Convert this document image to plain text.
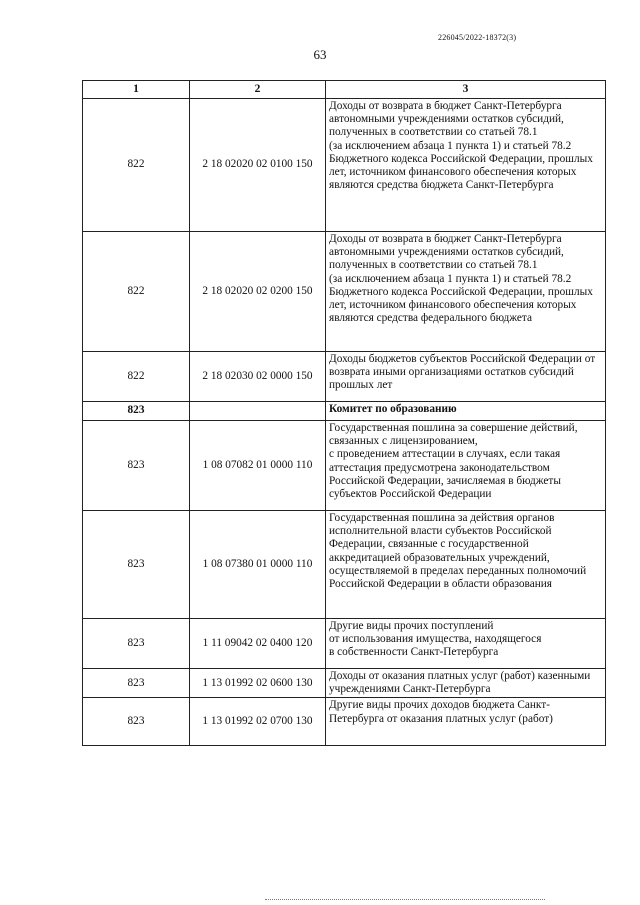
226045/2022-18372(3)
63
1	2	3
822	2 18 02020 02 0100 150	Доходы от возврата в бюджет Санкт-Петербурга автономными учреждениями остатков субсидий, полученных в соответствии со статьей 78.1
(за исключением абзаца 1 пункта 1) и статьей 78.2 Бюджетного кодекса Российской Федерации, прошлых лет, источником финансового обеспечения которых являются средства бюджета Санкт-Петербурга
822	2 18 02020 02 0200 150	Доходы от возврата в бюджет Санкт-Петербурга автономными учреждениями остатков субсидий, полученных в соответствии со статьей 78.1
(за исключением абзаца 1 пункта 1) и статьей 78.2 Бюджетного кодекса Российской Федерации, прошлых лет, источником финансового обеспечения которых являются средства федерального бюджета
822	2 18 02030 02 0000 150	Доходы бюджетов субъектов Российской Федерации от возврата иными организациями остатков субсидий прошлых лет
823		Комитет по образованию
823	1 08 07082 01 0000 110	Государственная пошлина за совершение действий, связанных с лицензированием,
с проведением аттестации в случаях, если такая аттестация предусмотрена законодательством Российской Федерации, зачисляемая в бюджеты субъектов Российской Федерации
823	1 08 07380 01 0000 110	Государственная пошлина за действия органов исполнительной власти субъектов Российской Федерации, связанные с государственной аккредитацией образовательных учреждений, осуществляемой в пределах переданных полномочий Российской Федерации в области образования
823	1 11 09042 02 0400 120	Другие виды прочих поступлений
от использования имущества, находящегося
в собственности Санкт-Петербурга
823	1 13 01992 02 0600 130	Доходы от оказания платных услуг (работ) казенными учреждениями Санкт-Петербурга
823	1 13 01992 02 0700 130	Другие виды прочих доходов бюджета Санкт-Петербурга от оказания платных услуг (работ)
